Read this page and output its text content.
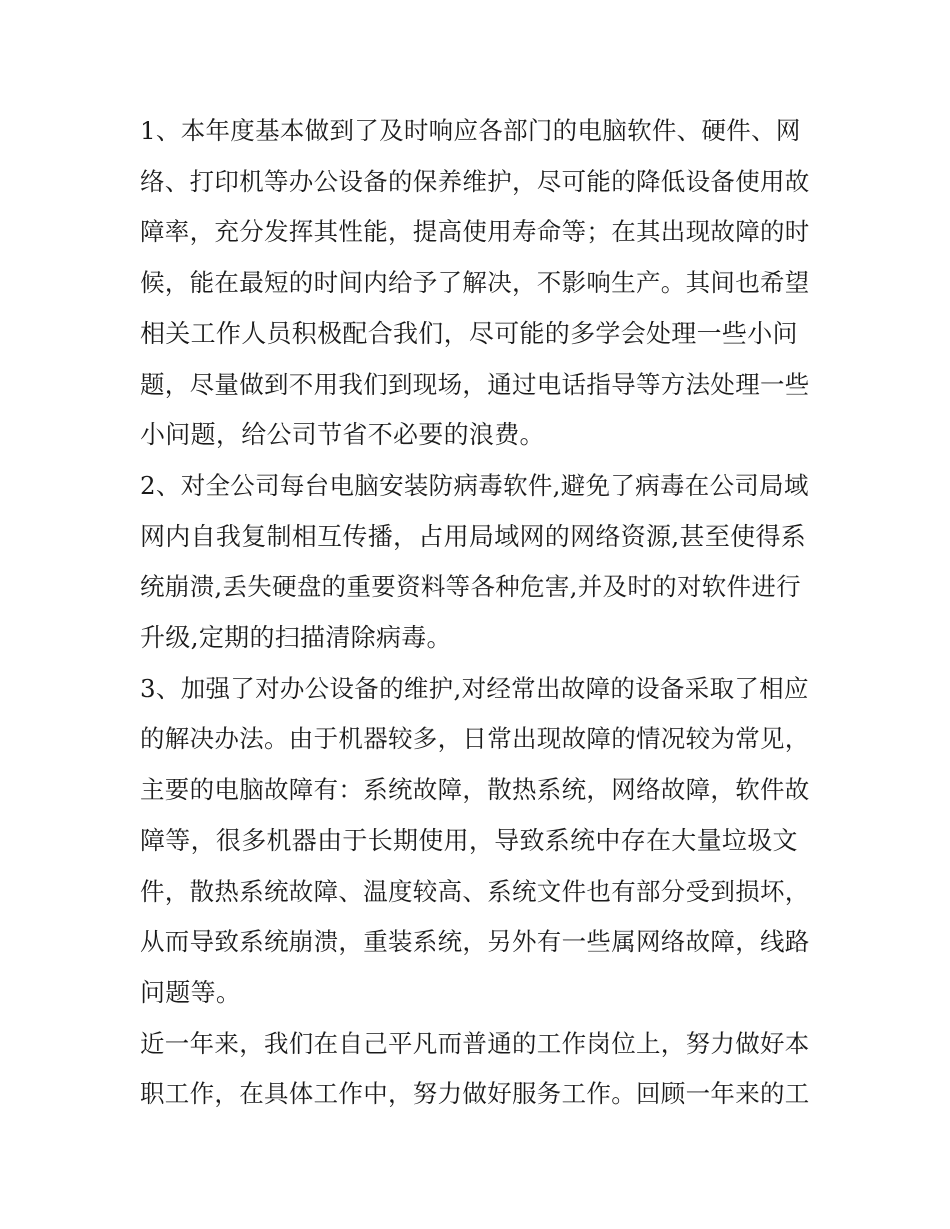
1、本年度基本做到了及时响应各部门的电脑软件、硬件、网
络、打印机等办公设备的保养维护，尽可能的降低设备使用故
障率，充分发挥其性能，提高使用寿命等；在其出现故障的时
候，能在最短的时间内给予了解决，不影响生产。其间也希望
相关工作人员积极配合我们，尽可能的多学会处理一些小问
题，尽量做到不用我们到现场，通过电话指导等方法处理一些
小问题，给公司节省不必要的浪费。

2、对全公司每台电脑安装防病毒软件,避免了病毒在公司局域
网内自我复制相互传播，占用局域网的网络资源,甚至使得系
统崩溃,丢失硬盘的重要资料等各种危害,并及时的对软件进行
升级,定期的扫描清除病毒。

3、加强了对办公设备的维护,对经常出故障的设备采取了相应
的解决办法。由于机器较多，日常出现故障的情况较为常见，
主要的电脑故障有：系统故障，散热系统，网络故障，软件故
障等，很多机器由于长期使用，导致系统中存在大量垃圾文
件，散热系统故障、温度较高、系统文件也有部分受到损坏，
从而导致系统崩溃，重装系统，另外有一些属网络故障，线路
问题等。

近一年来，我们在自己平凡而普通的工作岗位上，努力做好本
职工作，在具体工作中，努力做好服务工作。回顾一年来的工
